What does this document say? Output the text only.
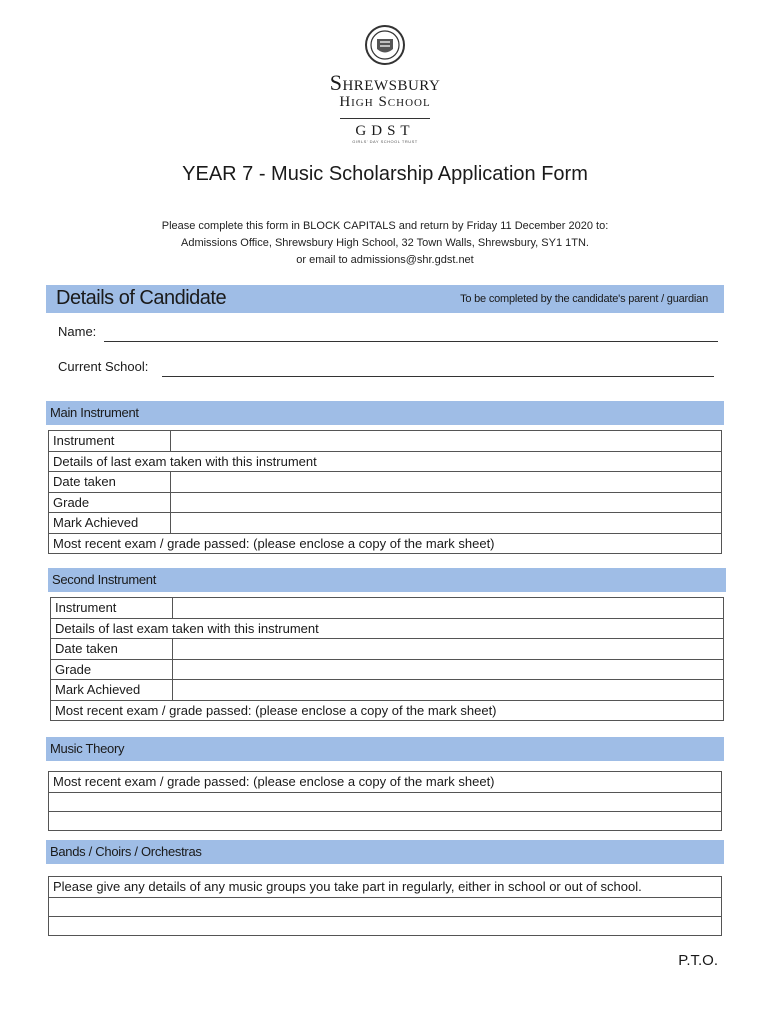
Shrewsbury
High School
GDST
GIRLS' DAY SCHOOL TRUST
YEAR 7 - Music Scholarship Application Form
Please complete this form in BLOCK CAPITALS and return by Friday 11 December 2020 to:
Admissions Office, Shrewsbury High School, 32 Town Walls, Shrewsbury, SY1 1TN.
or email to admissions@shr.gdst.net
Details of Candidate	To be completed by the candidate's parent / guardian
Name:
Current School:
Main Instrument
Instrument	
Details of last exam taken with this instrument	
Date taken	
Grade	
Mark Achieved	
Most recent exam / grade passed: (please enclose a copy of the mark sheet)	
Second Instrument
Instrument	
Details of last exam taken with this instrument	
Date taken	
Grade	
Mark Achieved	
Most recent exam / grade passed: (please enclose a copy of the mark sheet)	
Music Theory
Most recent exam / grade passed: (please enclose a copy of the mark sheet)

Bands / Choirs / Orchestras
Please give any details of any music groups you take part in regularly, either in school or out of school.

P.T.O.
